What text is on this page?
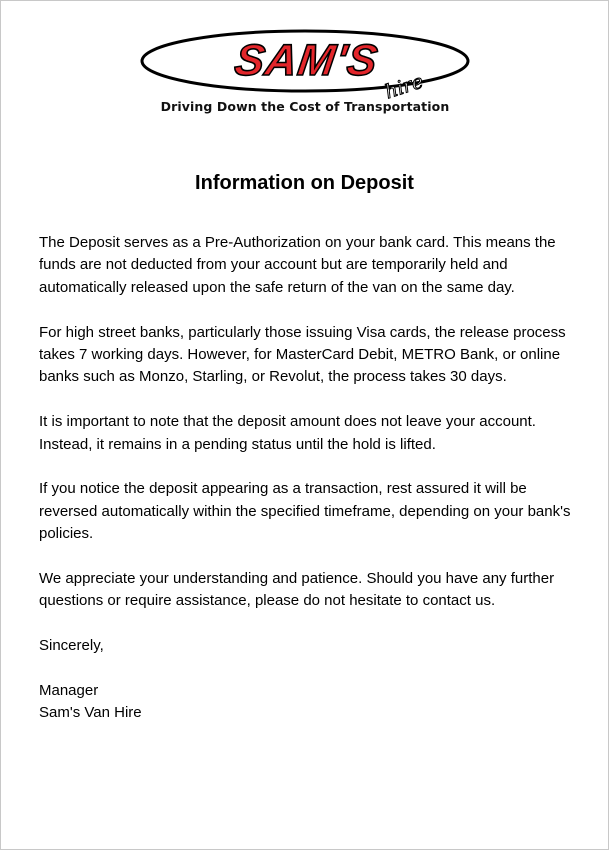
SAM'S
hire
Driving Down the Cost of Transportation
Information on Deposit

The Deposit serves as a Pre-Authorization on your bank card. This means the funds are not deducted from your account but are temporarily held and automatically released upon the safe return of the van on the same day.

For high street banks, particularly those issuing Visa cards, the release process takes 7 working days. However, for MasterCard Debit, METRO Bank, or online banks such as Monzo, Starling, or Revolut, the process takes 30 days.

It is important to note that the deposit amount does not leave your account. Instead, it remains in a pending status until the hold is lifted.

If you notice the deposit appearing as a transaction, rest assured it will be reversed automatically within the specified timeframe, depending on your bank's policies.

We appreciate your understanding and patience. Should you have any further questions or require assistance, please do not hesitate to contact us.

Sincerely,

Manager

Sam's Van Hire
